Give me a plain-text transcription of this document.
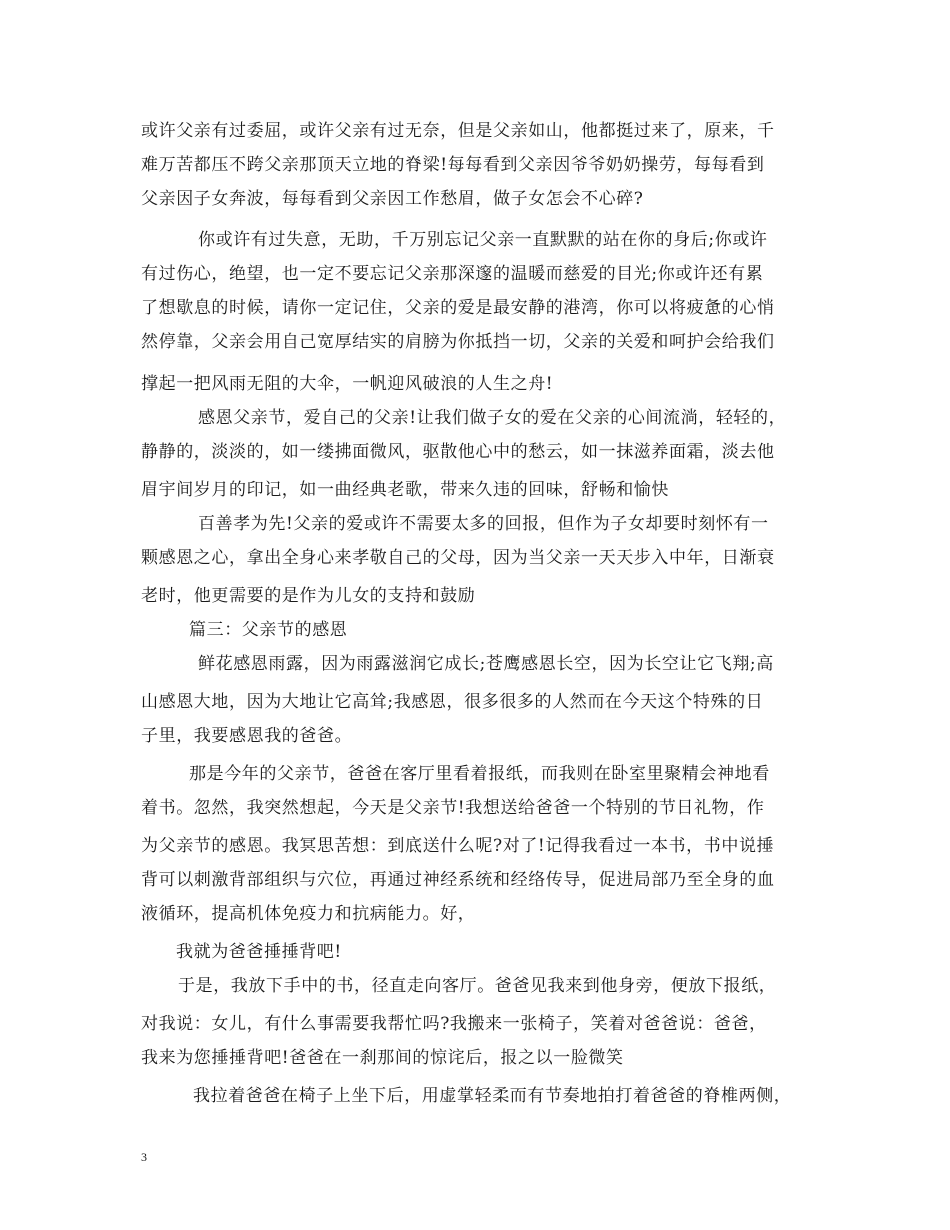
或许父亲有过委屈，或许父亲有过无奈，但是父亲如山，他都挺过来了，原来，千
难万苦都压不跨父亲那顶天立地的脊梁!每每看到父亲因爷爷奶奶操劳，每每看到
父亲因子女奔波，每每看到父亲因工作愁眉，做子女怎会不心碎?
你或许有过失意，无助，千万别忘记父亲一直默默的站在你的身后;你或许
有过伤心，绝望，也一定不要忘记父亲那深邃的温暖而慈爱的目光;你或许还有累
了想歇息的时候，请你一定记住，父亲的爱是最安静的港湾，你可以将疲惫的心悄
然停靠，父亲会用自己宽厚结实的肩膀为你抵挡一切，父亲的关爱和呵护会给我们
撑起一把风雨无阻的大伞，一帆迎风破浪的人生之舟!
感恩父亲节，爱自己的父亲!让我们做子女的爱在父亲的心间流淌，轻轻的，
静静的，淡淡的，如一缕拂面微风，驱散他心中的愁云，如一抹滋养面霜，淡去他
眉宇间岁月的印记，如一曲经典老歌，带来久违的回味，舒畅和愉快
百善孝为先!父亲的爱或许不需要太多的回报，但作为子女却要时刻怀有一
颗感恩之心，拿出全身心来孝敬自己的父母，因为当父亲一天天步入中年，日渐衰
老时，他更需要的是作为儿女的支持和鼓励
篇三：父亲节的感恩
鲜花感恩雨露，因为雨露滋润它成长;苍鹰感恩长空，因为长空让它飞翔;高
山感恩大地，因为大地让它高耸;我感恩，很多很多的人然而在今天这个特殊的日
子里，我要感恩我的爸爸。
那是今年的父亲节，爸爸在客厅里看着报纸，而我则在卧室里聚精会神地看
着书。忽然，我突然想起，今天是父亲节!我想送给爸爸一个特别的节日礼物，作
为父亲节的感恩。我冥思苦想：到底送什么呢?对了!记得我看过一本书，书中说捶
背可以刺激背部组织与穴位，再通过神经系统和经络传导，促进局部乃至全身的血
液循环，提高机体免疫力和抗病能力。好，
我就为爸爸捶捶背吧!
于是，我放下手中的书，径直走向客厅。爸爸见我来到他身旁，便放下报纸，
对我说：女儿，有什么事需要我帮忙吗?我搬来一张椅子，笑着对爸爸说：爸爸，
我来为您捶捶背吧!爸爸在一刹那间的惊诧后，报之以一脸微笑
我拉着爸爸在椅子上坐下后，用虚掌轻柔而有节奏地拍打着爸爸的脊椎两侧，
3
